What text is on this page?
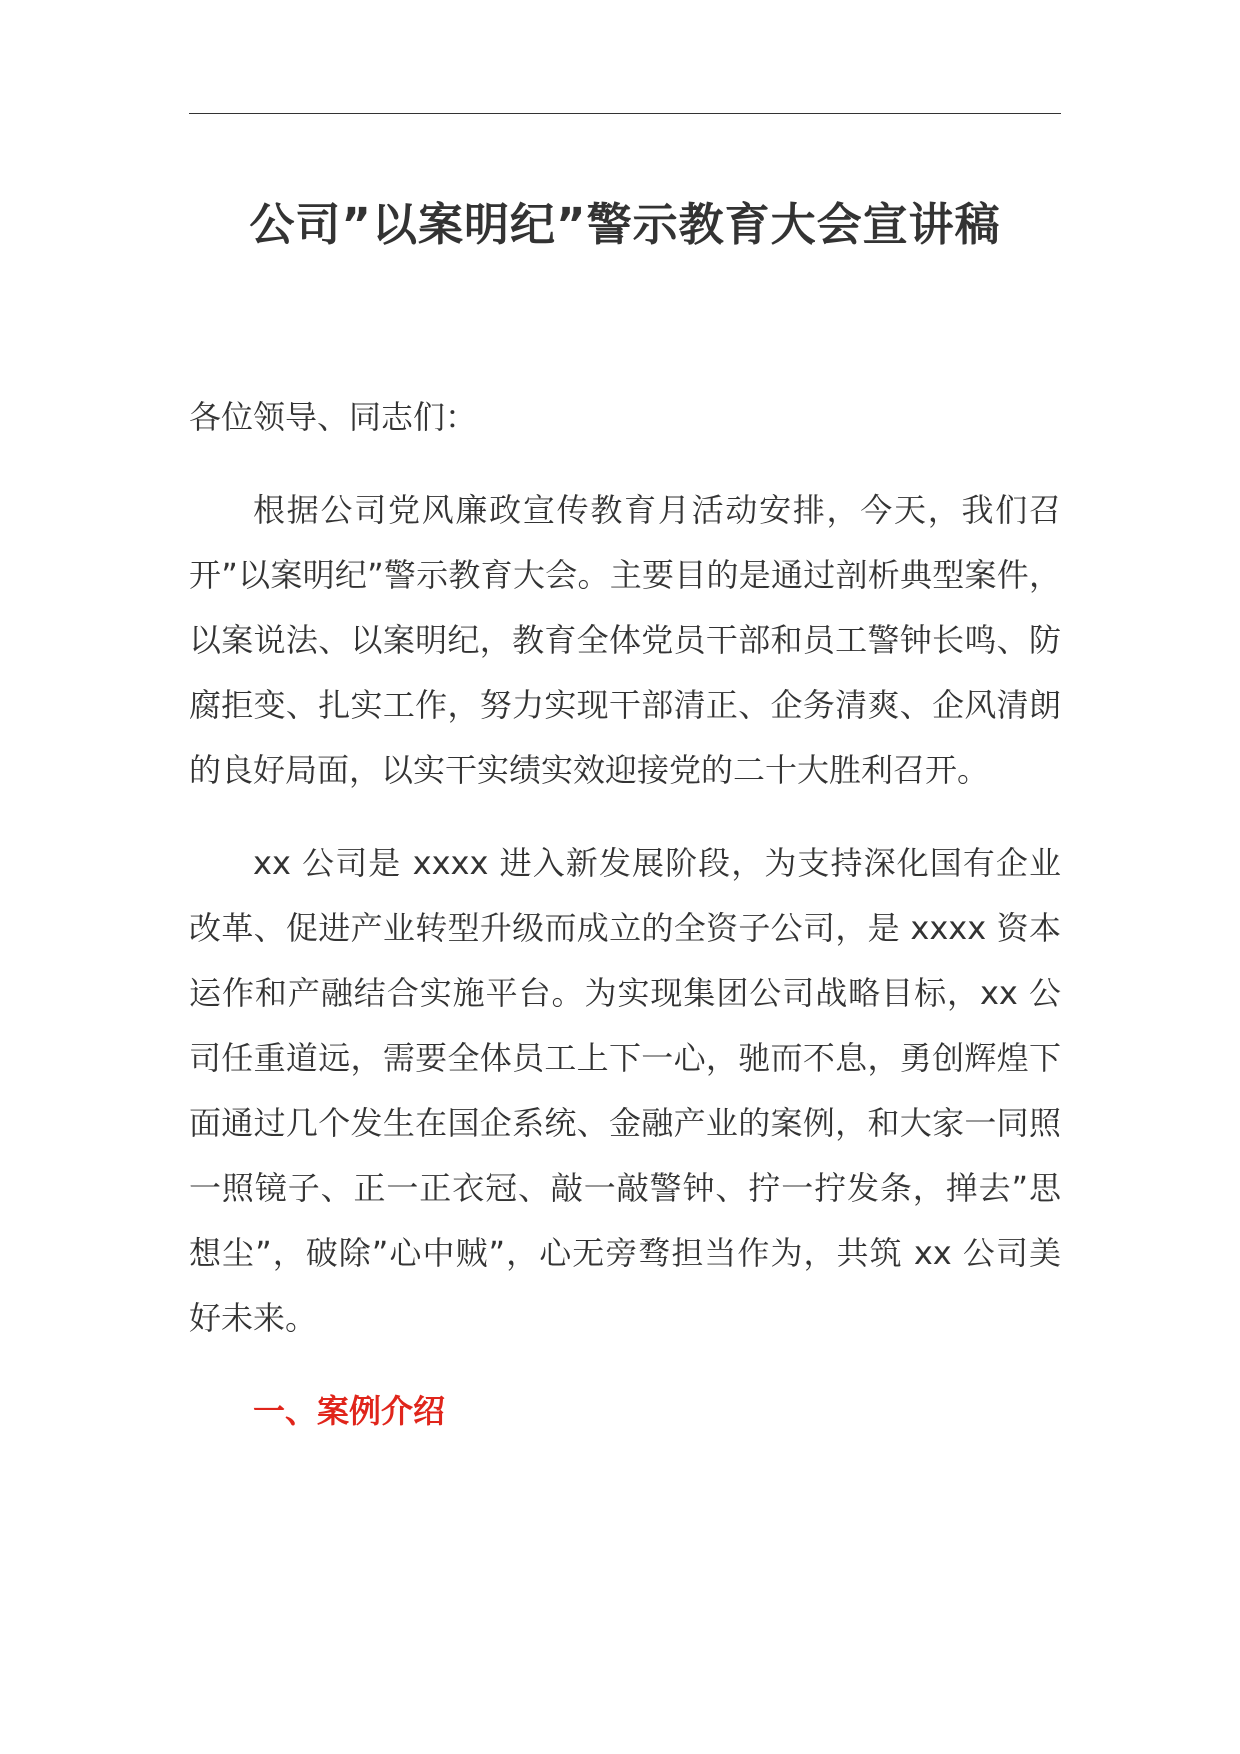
公司”以案明纪”警示教育大会宣讲稿

各位领导、同志们：

根据公司党风廉政宣传教育月活动安排，今天，我们召开”以案明纪”警示教育大会。主要目的是通过剖析典型案件，以案说法、以案明纪，教育全体党员干部和员工警钟长鸣、防腐拒变、扎实工作，努力实现干部清正、企务清爽、企风清朗的良好局面，以实干实绩实效迎接党的二十大胜利召开。

xx 公司是 xxxx 进入新发展阶段，为支持深化国有企业改革、促进产业转型升级而成立的全资子公司，是 xxxx 资本运作和产融结合实施平台。为实现集团公司战略目标，xx 公司任重道远，需要全体员工上下一心，驰而不息，勇创辉煌下面通过几个发生在国企系统、金融产业的案例，和大家一同照一照镜子、正一正衣冠、敲一敲警钟、拧一拧发条，掸去”思想尘”，破除”心中贼”，心无旁骛担当作为，共筑 xx 公司美好未来。

一、案例介绍
